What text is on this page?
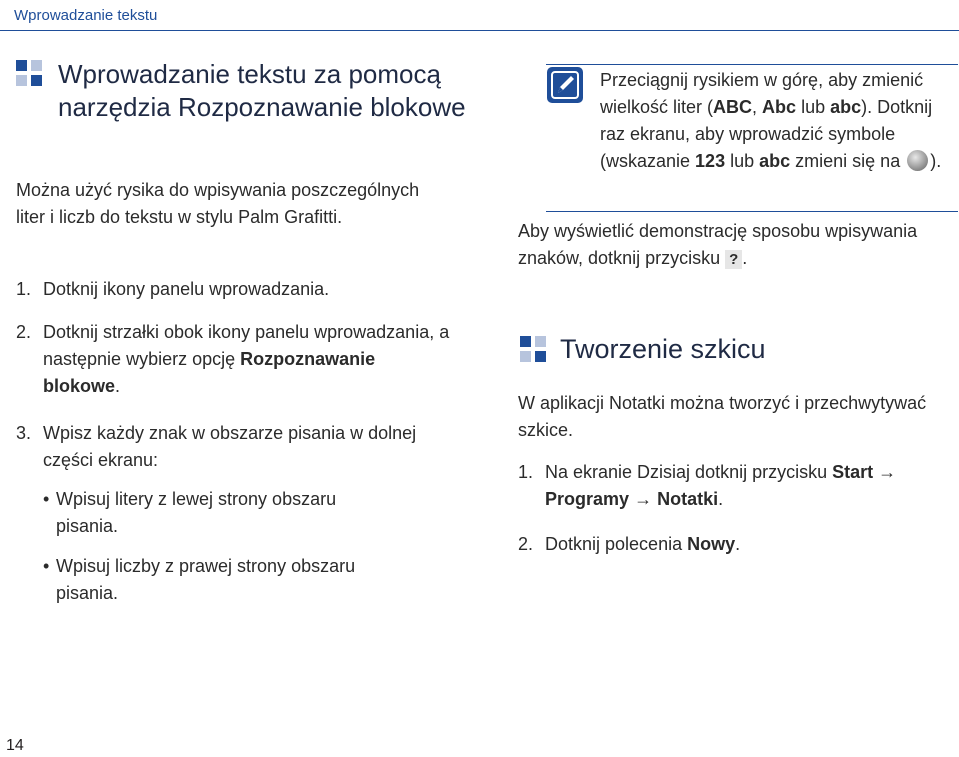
Wprowadzanie tekstu
Wprowadzanie tekstu za pomocą narzędzia Rozpoznawanie blokowe
Można użyć rysika do wpisywania poszczególnych liter i liczb do tekstu w stylu Palm Grafitti.
1. Dotknij ikony panelu wprowadzania.
2. Dotknij strzałki obok ikony panelu wprowadzania, a następnie wybierz opcję Rozpoznawanie blokowe.
3. Wpisz każdy znak w obszarze pisania w dolnej części ekranu:
• Wpisuj litery z lewej strony obszaru pisania.
• Wpisuj liczby z prawej strony obszaru pisania.
Przeciągnij rysikiem w górę, aby zmienić wielkość liter (ABC, Abc lub abc). Dotknij raz ekranu, aby wprowadzić symbole (wskazanie 123 lub abc zmieni się na ).
Aby wyświetlić demonstrację sposobu wpisywania znaków, dotknij przycisku ? .
Tworzenie szkicu
W aplikacji Notatki można tworzyć i przechwytywać szkice.
1. Na ekranie Dzisiaj dotknij przycisku Start → Programy → Notatki.
2. Dotknij polecenia Nowy.
14
